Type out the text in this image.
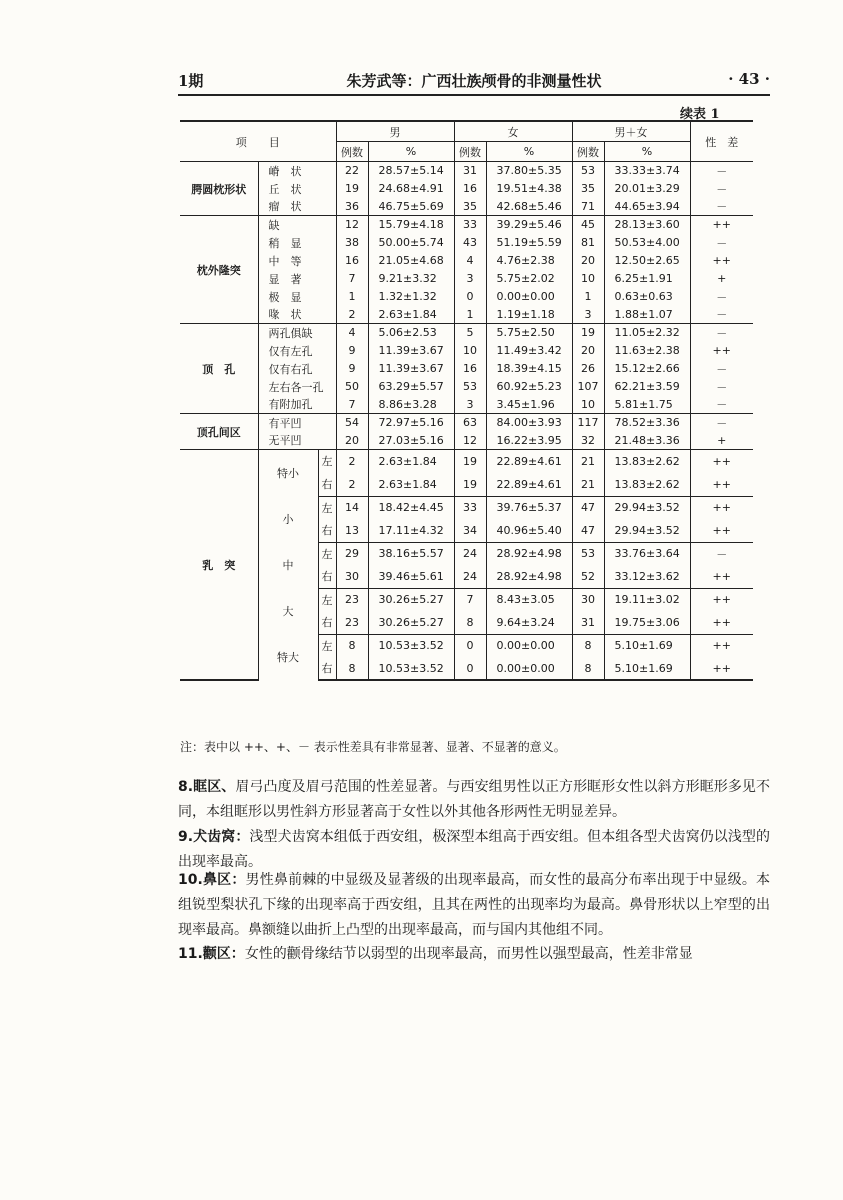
1期	朱芳武等：广西壮族颅骨的非测量性状	· 43 ·
续表 1
项　　目			男		女		男＋女		性　差
			例数	%	例数	%	例数	%	
腭圆枕形状	嵴　状		22	28.57±5.14	31	37.80±5.35	53	33.33±3.74	－
	丘　状		19	24.68±4.91	16	19.51±4.38	35	20.01±3.29	－
	瘤　状		36	46.75±5.69	35	42.68±5.46	71	44.65±3.94	－
枕外隆突	缺		12	15.79±4.18	33	39.29±5.46	45	28.13±3.60	++
	稍　显		38	50.00±5.74	43	51.19±5.59	81	50.53±4.00	－
	中　等		16	21.05±4.68	4	4.76±2.38	20	12.50±2.65	++
	显　著		7	9.21±3.32	3	5.75±2.02	10	6.25±1.91	+
	极　显		1	1.32±1.32	0	0.00±0.00	1	0.63±0.63	－
	喙　状		2	2.63±1.84	1	1.19±1.18	3	1.88±1.07	－
顶　孔	两孔俱缺		4	5.06±2.53	5	5.75±2.50	19	11.05±2.32	－
	仅有左孔		9	11.39±3.67	10	11.49±3.42	20	11.63±2.38	++
	仅有右孔		9	11.39±3.67	16	18.39±4.15	26	15.12±2.66	－
	左右各一孔		50	63.29±5.57	53	60.92±5.23	107	62.21±3.59	－
	有附加孔		7	8.86±3.28	3	3.45±1.96	10	5.81±1.75	－
顶孔间区	有平凹		54	72.97±5.16	63	84.00±3.93	117	78.52±3.36	－
	无平凹		20	27.03±5.16	12	16.22±3.95	32	21.48±3.36	+
乳　突	特小	左	2	2.63±1.84	19	22.89±4.61	21	13.83±2.62	++
		右	2	2.63±1.84	19	22.89±4.61	21	13.83±2.62	++
	小	左	14	18.42±4.45	33	39.76±5.37	47	29.94±3.52	++
		右	13	17.11±4.32	34	40.96±5.40	47	29.94±3.52	++
	中	左	29	38.16±5.57	24	28.92±4.98	53	33.76±3.64	－
		右	30	39.46±5.61	24	28.92±4.98	52	33.12±3.62	++
	大	左	23	30.26±5.27	7	8.43±3.05	30	19.11±3.02	++
		右	23	30.26±5.27	8	9.64±3.24	31	19.75±3.06	++
	特大	左	8	10.53±3.52	0	0.00±0.00	8	5.10±1.69	++
		右	8	10.53±3.52	0	0.00±0.00	8	5.10±1.69	++
注：表中以 ++、+、－ 表示性差具有非常显著、显著、不显著的意义。
8.眶区、眉弓凸度及眉弓范围的性差显著。与西安组男性以正方形眶形女性以斜方形眶形多见不同，本组眶形以男性斜方形显著高于女性以外其他各形两性无明显差异。
9.犬齿窝：浅型犬齿窝本组低于西安组，极深型本组高于西安组。但本组各型犬齿窝仍以浅型的出现率最高。
10.鼻区：男性鼻前棘的中显级及显著级的出现率最高，而女性的最高分布率出现于中显级。本组锐型梨状孔下缘的出现率高于西安组，且其在两性的出现率均为最高。鼻骨形状以上窄型的出现率最高。鼻额缝以曲折上凸型的出现率最高，而与国内其他组不同。
11.颧区：女性的颧骨缘结节以弱型的出现率最高，而男性以强型最高，性差非常显
